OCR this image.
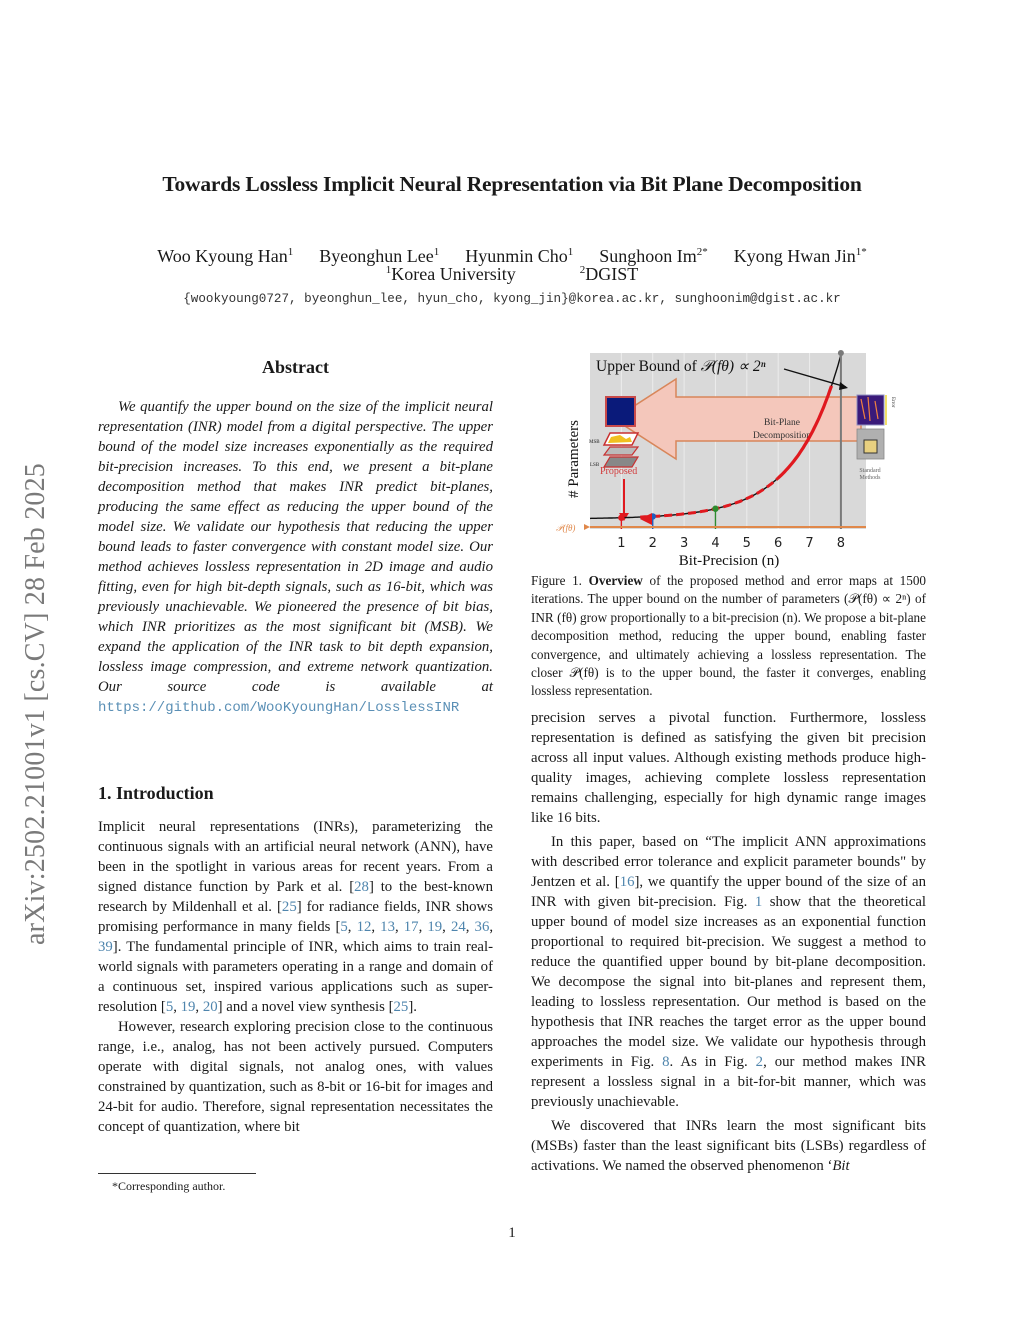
arXiv:2502.21001v1 [cs.CV] 28 Feb 2025
Towards Lossless Implicit Neural Representation via Bit Plane Decomposition
Woo Kyoung Han$^1$ Byeonghun Lee$^1$ Hyunmin Cho$^1$ Sunghoon $Im^{2*}$ Kyong Hwan Jin$^{1*}$
$^1$Korea University	$^2$DGIST
{wookyoung0727, byeonghun_lee, hyun_cho, kyong_jin}@korea.ac.kr, sunghoonim@dgist.ac.kr
Abstract

We quantify the upper bound on the size of the implicit neural representation (INR) model from a digital perspective. The upper bound of the model size increases exponentially as the required bit-precision increases. To this end, we present a bit-plane decomposition method that makes INR predict bit-planes, producing the same effect as reducing the upper bound of the model size. We validate our hypothesis that reducing the upper bound leads to faster convergence with constant model size. Our method achieves lossless representation in 2D image and audio fitting, even for high bit-depth signals, such as 16-bit, which was previously unachievable. We pioneered the presence of bit bias, which INR prioritizes as the most significant bit (MSB). We expand the application of the INR task to bit depth expansion, lossless image compression, and extreme network quantization. Our source code is available at https://github.com/WooKyoungHan/LosslessINR

1. Introduction

Implicit neural representations (INRs), parameterizing the continuous signals with an artificial neural network (ANN), have been in the spotlight in various areas for recent years. From a signed distance function by Park et al. [28] to the best-known research by Mildenhall et al. [25] for radiance fields, INR shows promising performance in many fields [5, 12, 13, 17, 19, 24, 36, 39]. The fundamental principle of INR, which aims to train real-world signals with parameters operating in a range and domain of a continuous set, inspired various applications such as super-resolution [5, 19, 20] and a novel view synthesis [25].

However, research exploring precision close to the continuous range, i.e., analog, has not been actively pursued. Computers operate with digital signals, not analog ones, with values constrained by quantization, such as 8-bit or 16-bit for images and 24-bit for audio. Therefore, signal representation necessitates the concept of quantization, where bit

*Corresponding author.
Upper Bound of 𝒫(fθ) ∝ 2ⁿ
# Parameters	Bit-Plane
Decomposition
MSB
LSB
Proposed
Error
Standard
Methods
𝒫(fθ)
1 2 3 4 5 6 7 8
Bit-Precision (n)
Figure 1. Overview of the proposed method and error maps at 1500 iterations. The upper bound on the number of parameters (𝒫(fθ) ∝ 2ⁿ) of INR (fθ) grow proportionally to a bit-precision (n). We propose a bit-plane decomposition method, reducing the upper bound, enabling faster convergence, and ultimately achieving a lossless representation. The closer 𝒫(fθ) is to the upper bound, the faster it converges, enabling lossless representation.

precision serves a pivotal function. Furthermore, lossless representation is defined as satisfying the given bit precision across all input values. Although existing methods produce high-quality images, achieving complete lossless representation remains challenging, especially for high dynamic range images like 16 bits.

In this paper, based on “The implicit ANN approximations with described error tolerance and explicit parameter bounds" by Jentzen et al. [16], we quantify the upper bound of the size of an INR with given bit-precision. Fig. 1 show that the theoretical upper bound of model size increases as an exponential function proportional to required bit-precision. We suggest a method to reduce the quantified upper bound by bit-plane decomposition. We decompose the signal into bit-planes and represent them, leading to lossless representation. Our method is based on the hypothesis that INR reaches the target error as the upper bound approaches the model size. We validate our hypothesis through experiments in Fig. 8. As in Fig. 2, our method makes INR represent a lossless signal in a bit-for-bit manner, which was previously unachievable.

We discovered that INRs learn the most significant bits (MSBs) faster than the least significant bits (LSBs) regardless of activations. We named the observed phenomenon ‘Bit

1
